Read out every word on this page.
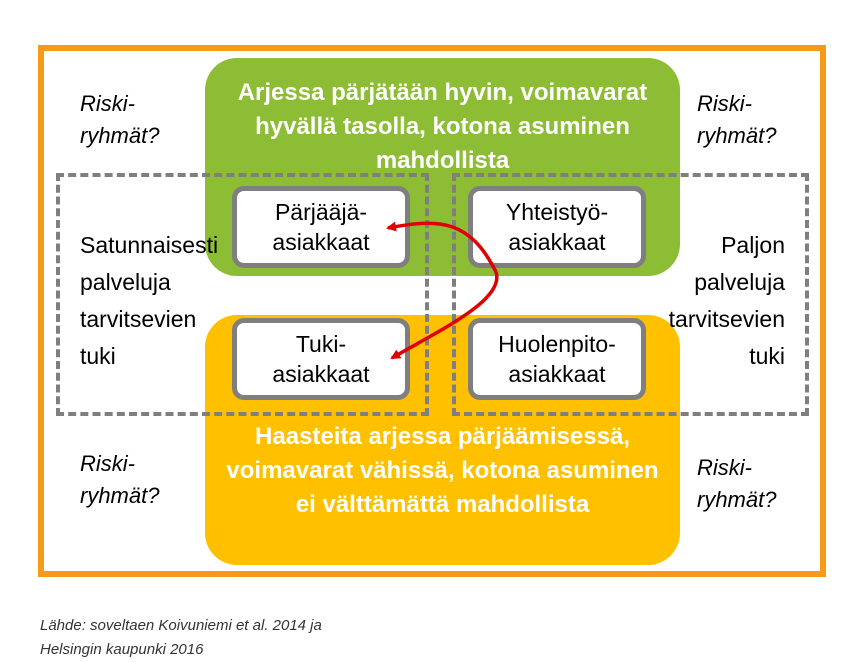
Arjessa pärjätään hyvin, voimavarat hyvällä tasolla, kotona asuminen mahdollista
Haasteita arjessa pärjäämisessä, voimavarat vähissä, kotona asuminen ei välttämättä mahdollista
Pärjääjä-asiakkaat
Yhteistyö-asiakkaat
Tuki-asiakkaat
Huolenpito-asiakkaat
Satunnaisesti palveluja tarvitsevien tuki
Paljon palveluja tarvitsevien tuki
Riski-ryhmät?
Riski-ryhmät?
Riski-ryhmät?
Riski-ryhmät?
Lähde: soveltaen Koivuniemi et al. 2014 ja Helsingin kaupunki 2016
